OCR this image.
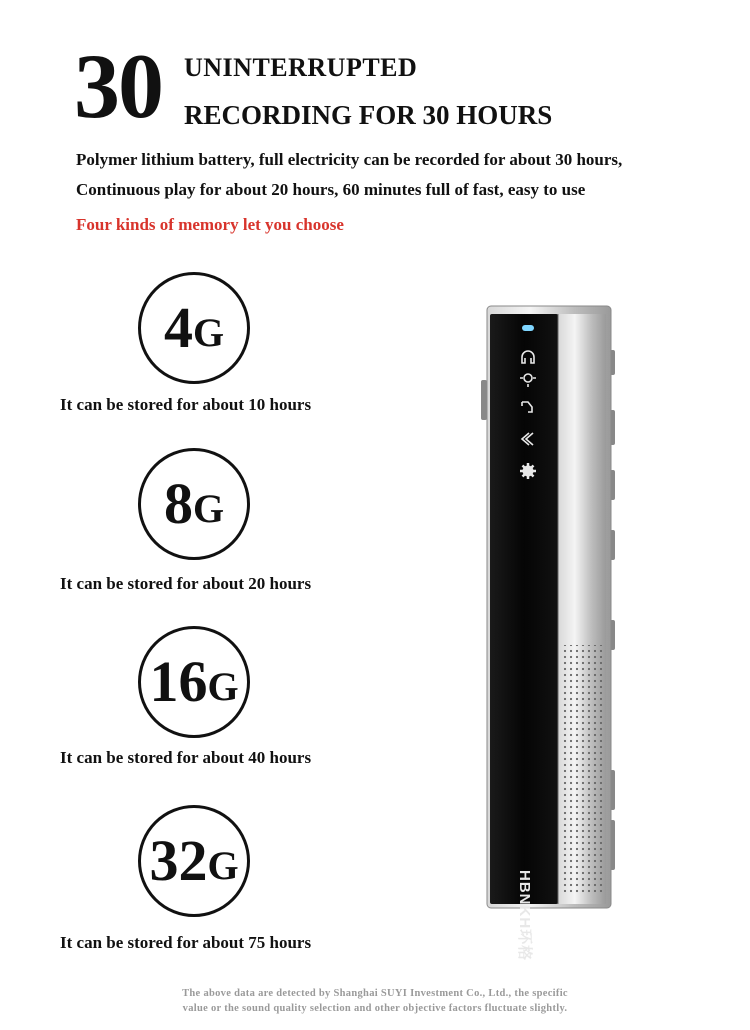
30 UNINTERRUPTED
RECORDING FOR 30 HOURS
Polymer lithium battery, full electricity can be recorded for about 30 hours,
Continuous play for about 20 hours, 60 minutes full of fast, easy to use
Four kinds of memory let you choose
4 G
It can be stored for about 10 hours
8 G
It can be stored for about 20 hours
16 G
It can be stored for about 40 hours
32 G
It can be stored for about 75 hours	HBNKH环格
The above data are detected by Shanghai SUYI Investment Co., Ltd., the specific
value or the sound quality selection and other objective factors fluctuate slightly.
